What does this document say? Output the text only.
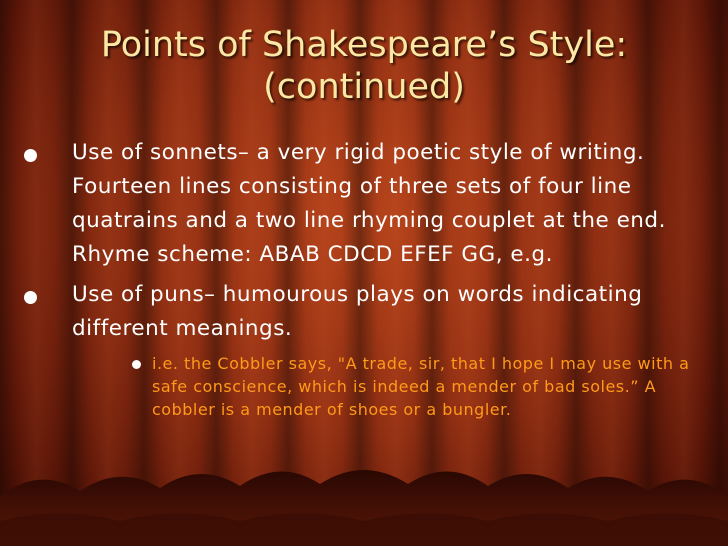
Points of Shakespeare’s Style:
(continued)
Use of sonnets– a very rigid poetic style of writing. Fourteen lines consisting of three sets of four line quatrains and a two line rhyming couplet at the end. Rhyme scheme: ABAB CDCD EFEF GG, e.g.
Use of puns– humourous plays on words indicating different meanings.
i.e. the Cobbler says, "A trade, sir, that I hope I may use with a safe conscience, which is indeed a mender of bad soles.” A cobbler is a mender of shoes or a bungler.
